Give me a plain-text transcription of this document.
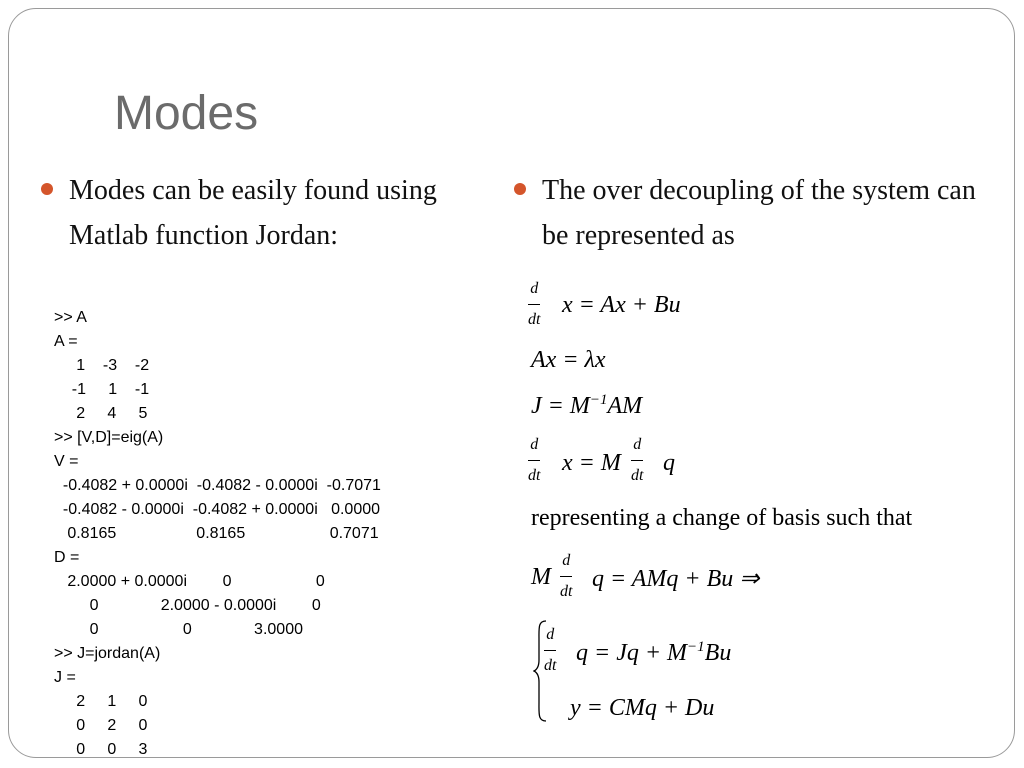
Modes
Modes can be easily found using Matlab function Jordan:
The over decoupling of the system can be represented as
>> A
A =
1    -3    -2
-1     1    -1
2     4     5
>> [V,D]=eig(A)
V =
-0.4082 + 0.0000i  -0.4082 - 0.0000i  -0.7071
-0.4082 - 0.0000i  -0.4082 + 0.0000i   0.0000
0.8165                  0.8165                   0.7071
D =
2.0000 + 0.0000i        0                   0
0              2.0000 - 0.0000i        0
0                   0              3.0000
>> J=jordan(A)
J =
2     1     0
0     2     0
0     0     3
$\frac{d}{dt}$ x = Ax + Bu
Ax = λx
$J = M^{-1}AM$
$\frac{d}{dt}$ x = M $\frac{d}{dt}$ q
representing a change of basis such that
M $\frac{d}{dt}$ q = AMq + Bu ⇒
$\frac{d}{dt}$ $q = Jq + M^{-1}Bu$
y = CMq + Du
